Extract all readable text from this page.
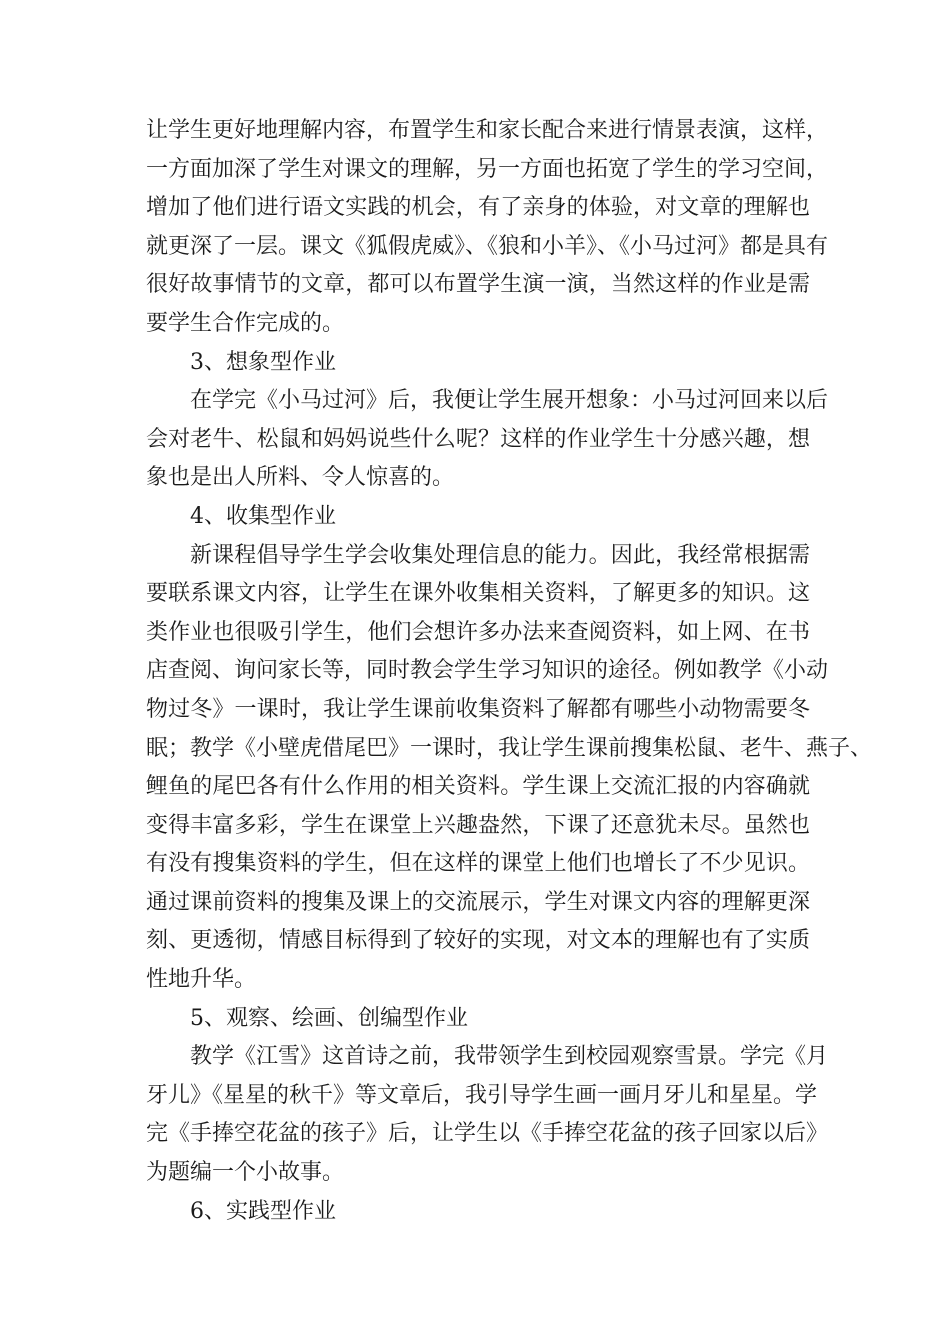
让学生更好地理解内容，布置学生和家长配合来进行情景表演，这样，
一方面加深了学生对课文的理解，另一方面也拓宽了学生的学习空间，
增加了他们进行语文实践的机会，有了亲身的体验，对文章的理解也
就更深了一层。课文《狐假虎威》、《狼和小羊》、《小马过河》都是具有
很好故事情节的文章，都可以布置学生演一演，当然这样的作业是需
要学生合作完成的。
3、想象型作业
在学完《小马过河》后，我便让学生展开想象：小马过河回来以后
会对老牛、松鼠和妈妈说些什么呢？这样的作业学生十分感兴趣，想
象也是出人所料、令人惊喜的。
4、收集型作业
新课程倡导学生学会收集处理信息的能力。因此，我经常根据需
要联系课文内容，让学生在课外收集相关资料，了解更多的知识。这
类作业也很吸引学生，他们会想许多办法来查阅资料，如上网、在书
店查阅、询问家长等，同时教会学生学习知识的途径。例如教学《小动
物过冬》一课时，我让学生课前收集资料了解都有哪些小动物需要冬
眠；教学《小壁虎借尾巴》一课时，我让学生课前搜集松鼠、老牛、燕子、
鲤鱼的尾巴各有什么作用的相关资料。学生课上交流汇报的内容确就
变得丰富多彩，学生在课堂上兴趣盎然，下课了还意犹未尽。虽然也
有没有搜集资料的学生，但在这样的课堂上他们也增长了不少见识。
通过课前资料的搜集及课上的交流展示，学生对课文内容的理解更深
刻、更透彻，情感目标得到了较好的实现，对文本的理解也有了实质
性地升华。
5、观察、绘画、创编型作业
教学《江雪》这首诗之前，我带领学生到校园观察雪景。学完《月
牙儿》《星星的秋千》等文章后，我引导学生画一画月牙儿和星星。学
完《手捧空花盆的孩子》后，让学生以《手捧空花盆的孩子回家以后》
为题编一个小故事。
6、实践型作业
